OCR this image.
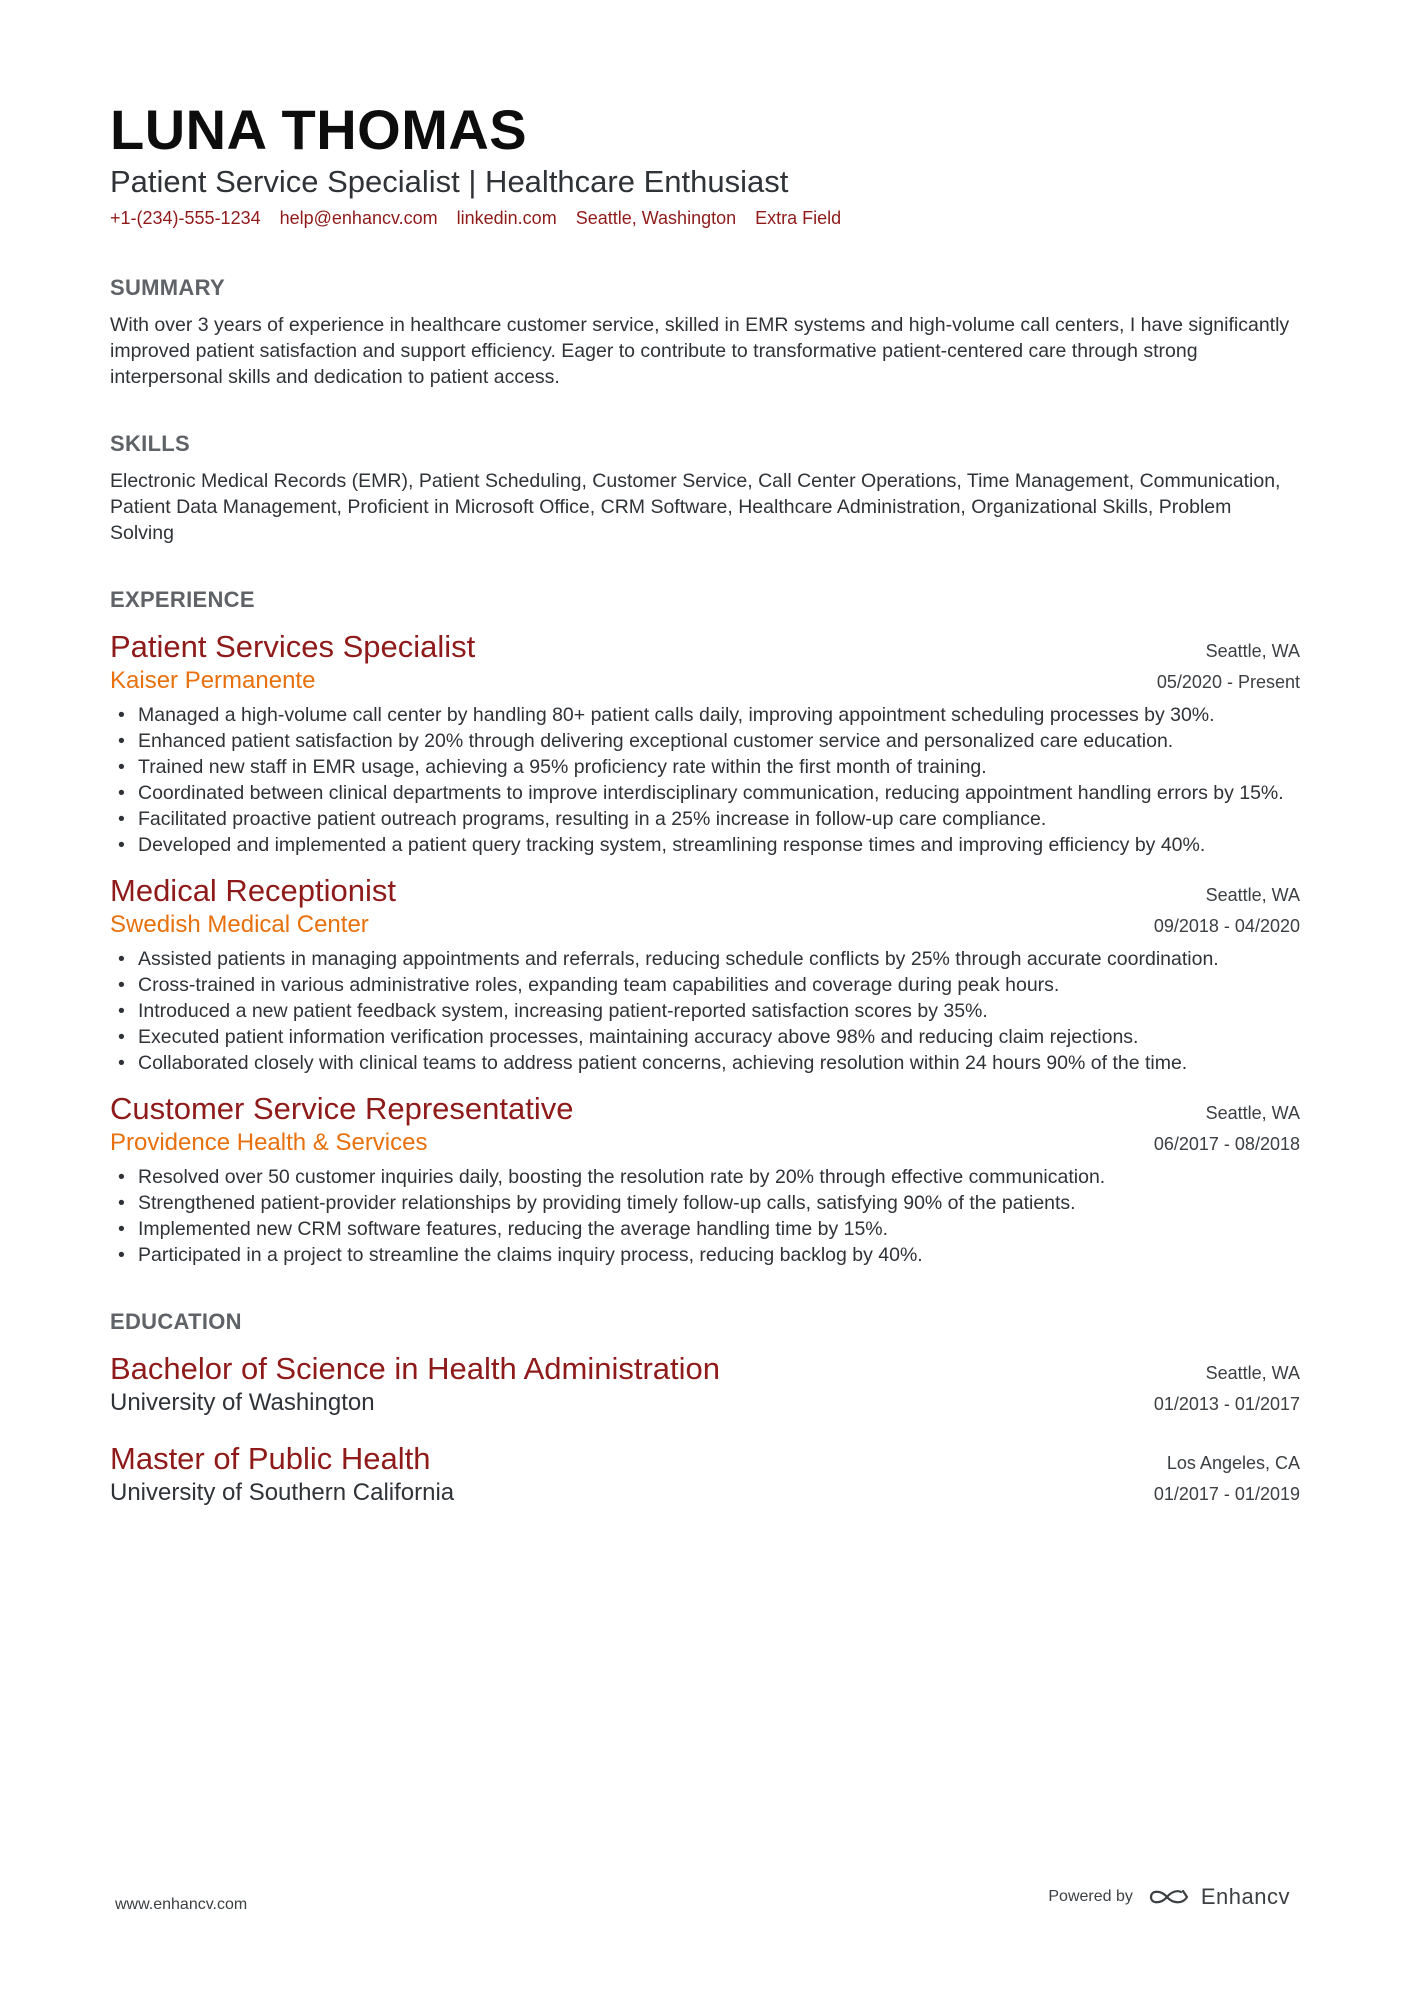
LUNA THOMAS
Patient Service Specialist | Healthcare Enthusiast
+1-(234)-555-1234 help@enhancv.com linkedin.com Seattle, Washington Extra Field
SUMMARY
With over 3 years of experience in healthcare customer service, skilled in EMR systems and high-volume call centers, I have significantly improved patient satisfaction and support efficiency. Eager to contribute to transformative patient-centered care through strong interpersonal skills and dedication to patient access.
SKILLS
Electronic Medical Records (EMR), Patient Scheduling, Customer Service, Call Center Operations, Time Management, Communication, Patient Data Management, Proficient in Microsoft Office, CRM Software, Healthcare Administration, Organizational Skills, Problem Solving
EXPERIENCE
Patient Services Specialist	Seattle, WA
Kaiser Permanente	05/2020 - Present
• Managed a high-volume call center by handling 80+ patient calls daily, improving appointment scheduling processes by 30%.
• Enhanced patient satisfaction by 20% through delivering exceptional customer service and personalized care education.
• Trained new staff in EMR usage, achieving a 95% proficiency rate within the first month of training.
• Coordinated between clinical departments to improve interdisciplinary communication, reducing appointment handling errors by 15%.
• Facilitated proactive patient outreach programs, resulting in a 25% increase in follow-up care compliance.
• Developed and implemented a patient query tracking system, streamlining response times and improving efficiency by 40%.
Medical Receptionist	Seattle, WA
Swedish Medical Center	09/2018 - 04/2020
• Assisted patients in managing appointments and referrals, reducing schedule conflicts by 25% through accurate coordination.
• Cross-trained in various administrative roles, expanding team capabilities and coverage during peak hours.
• Introduced a new patient feedback system, increasing patient-reported satisfaction scores by 35%.
• Executed patient information verification processes, maintaining accuracy above 98% and reducing claim rejections.
• Collaborated closely with clinical teams to address patient concerns, achieving resolution within 24 hours 90% of the time.
Customer Service Representative	Seattle, WA
Providence Health & Services	06/2017 - 08/2018
• Resolved over 50 customer inquiries daily, boosting the resolution rate by 20% through effective communication.
• Strengthened patient-provider relationships by providing timely follow-up calls, satisfying 90% of the patients.
• Implemented new CRM software features, reducing the average handling time by 15%.
• Participated in a project to streamline the claims inquiry process, reducing backlog by 40%.
EDUCATION
Bachelor of Science in Health Administration	Seattle, WA
University of Washington	01/2013 - 01/2017
Master of Public Health	Los Angeles, CA
University of Southern California	01/2017 - 01/2019
www.enhancv.com	Powered by	Enhancv
